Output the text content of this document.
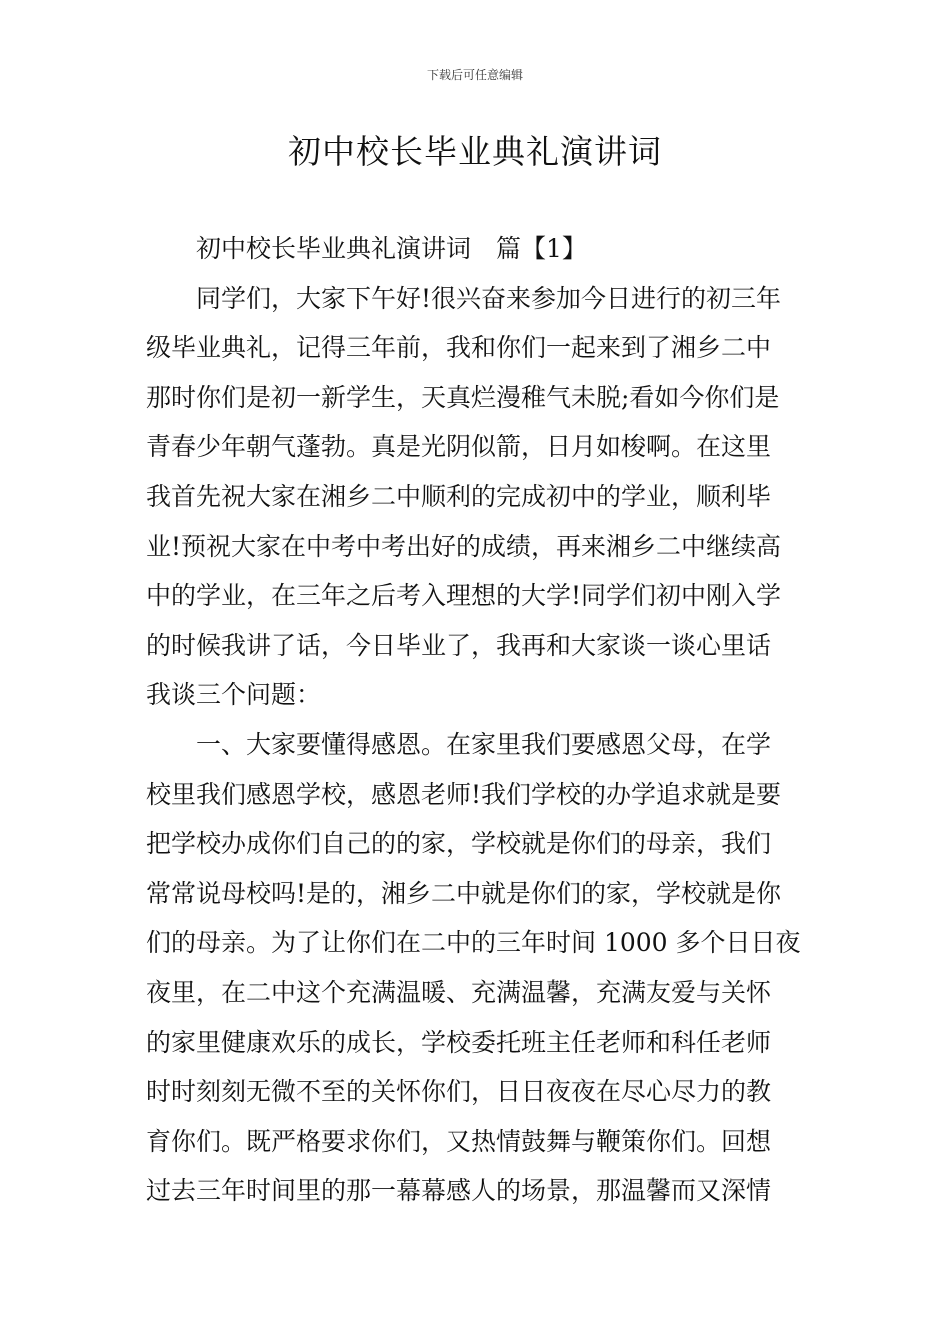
下载后可任意编辑
初中校长毕业典礼演讲词
初中校长毕业典礼演讲词　篇【1】
同学们，大家下午好!很兴奋来参加今日进行的初三年
级毕业典礼，记得三年前，我和你们一起来到了湘乡二中
那时你们是初一新学生，天真烂漫稚气未脱;看如今你们是
青春少年朝气蓬勃。真是光阴似箭，日月如梭啊。在这里
我首先祝大家在湘乡二中顺利的完成初中的学业，顺利毕
业!预祝大家在中考中考出好的成绩，再来湘乡二中继续高
中的学业，在三年之后考入理想的大学!同学们初中刚入学
的时候我讲了话，今日毕业了，我再和大家谈一谈心里话
我谈三个问题：
一、大家要懂得感恩。在家里我们要感恩父母，在学
校里我们感恩学校，感恩老师!我们学校的办学追求就是要
把学校办成你们自己的的家，学校就是你们的母亲，我们
常常说母校吗!是的，湘乡二中就是你们的家，学校就是你
们的母亲。为了让你们在二中的三年时间 1000 多个日日夜
夜里，在二中这个充满温暖、充满温馨，充满友爱与关怀
的家里健康欢乐的成长，学校委托班主任老师和科任老师
时时刻刻无微不至的关怀你们，日日夜夜在尽心尽力的教
育你们。既严格要求你们，又热情鼓舞与鞭策你们。回想
过去三年时间里的那一幕幕感人的场景，那温馨而又深情
